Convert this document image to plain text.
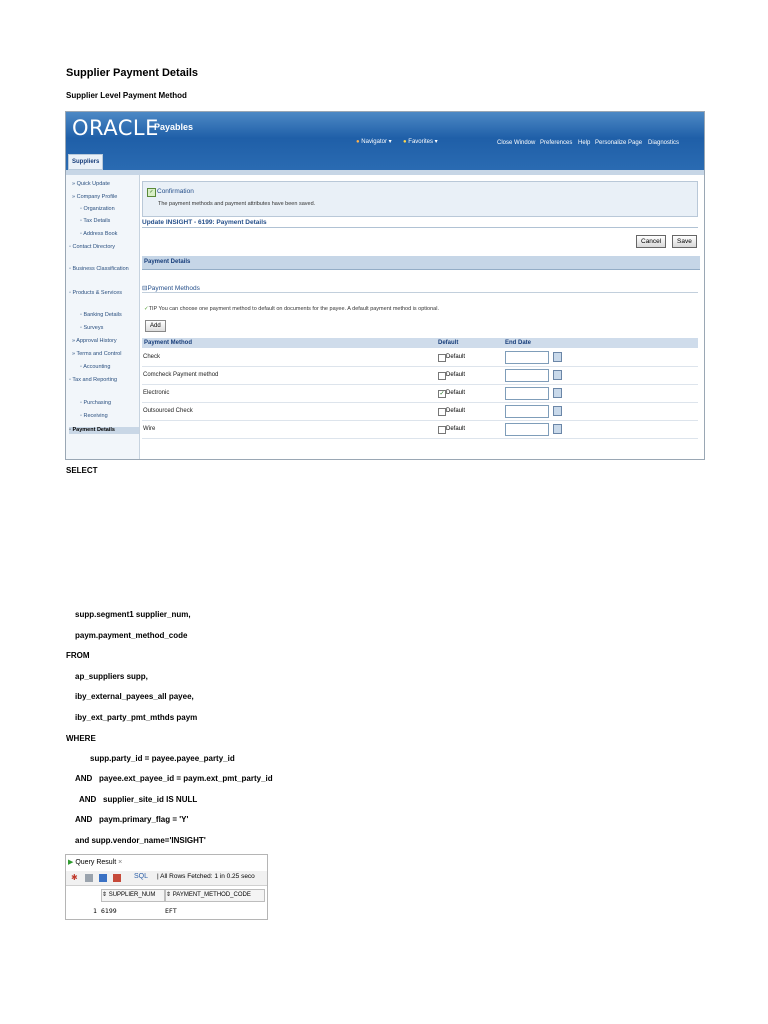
Supplier Payment Details
Supplier Level Payment Method
ORACLE
Payables
● Navigator ▾ ● Favorites ▾	Close Window Preferences Help Personalize Page Diagnostics
Suppliers
» Quick Update
» Company Profile
◦ Organization
◦ Tax Details
◦ Address Book
◦ Contact Directory
◦ Business Classification
◦ Products & Services
◦ Banking Details
◦ Surveys
» Approval History
» Terms and Control
◦ Accounting
◦ Tax and Reporting
◦ Purchasing
◦ Receiving
◦ Payment Details
✓ Confirmation
The payment methods and payment attributes have been saved.
Update INSIGHT - 6199: Payment Details
Cancel	Save
Payment Details
⊟Payment Methods
✓TIP You can choose one payment method to default on documents for the payee. A default payment method is optional.
Add
Payment Method	Default	End Date
Check	Default
Comcheck Payment method	Default
Electronic	✓ Default
Outsourced Check	Default
Wire	Default
SELECT
supp.segment1 supplier_num,
paym.payment_method_code
FROM
ap_suppliers supp,
iby_external_payees_all payee,
iby_ext_party_pmt_mthds paym
WHERE
supp.party_id = payee.payee_party_id
AND   payee.ext_payee_id = paym.ext_pmt_party_id
AND   supplier_site_id IS NULL
AND   paym.primary_flag = 'Y'
and supp.vendor_name='INSIGHT'
▶ Query Result ×
✱	SQL | All Rows Fetched: 1 in 0.25 seco
⇕ SUPPLIER_NUM	⇕ PAYMENT_METHOD_CODE
1 6199	EFT
